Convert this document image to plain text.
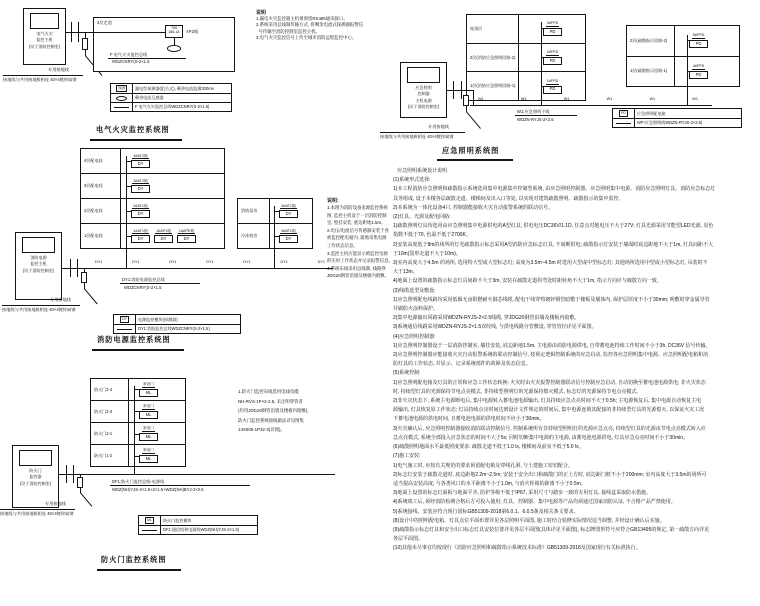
电气火灾
监控主机
(设于消防控制室)
专用接地线
接地线与共用接地极相连 40×4镀锌扁钢
3层走道
T06
186-1A	AP2箱
F 电气火灾监控总线
WDZCNRY(S-2×1.5
探测	漏电型探测器(组合式), 剩余电流监测300mA
剩余电流互感器
F 电气火灾监控总线WDZCNRY(S-2×1.5)
电气火灾监控系统图
说明
1.漏电火灾监控器主机须预留RS485通讯接口。
2.系统采用总线制传输方式, 将剩余电流式探测器报警信
号传输至消防控制室监控主机。
3.电气火灾监控信号上传至城市消防远程监控中心。
屋顶层
3#FPD
PD
2层(消防应急照明回路-2)
2#FPD
PD
1层(消防应急照明回路-1)
1#FPD
PD
2层(疏散指示回路-2)
5#FPD
PD
1层(疏散指示回路-1)
4#FPD
PD
应急照明
控制器
主机电源
(设于消防控制室)
W1	W1	W1	W1	W1	W1
专用接地线
接地线与共用接地极相连 40×4镀锌扁钢
W1:应急照明干线
WDZN-RYJS-2×2.5
PD	应急照明配电箱
WP:应急照明线WDZN-RYJS-2×2.5)
应急照明系统图
4层配电间
4#AT2箱
DY
3层配电间
3#AT2箱
DY
2层配电间
2#AT1箱
DY
1层配电间
1#AT1箱
DY
1#AP1箱
DY
1#APE箱
DY
消防泵房
5#AT1箱
DY
冷冻机房
6#AT1箱
DY
消防电源
监控主机
(设于消防控制室)
DY1	DY1	DY1	DY1	DY1	DY1	DY1
专用接地线
接地线与共用接地极相连 40×4镀锌扁钢
DY1:消防电源监控总线
WDZCNRY(S-2×1.5
DY	电源监控模块(探测器)
DY1:消防监控总线WDZCNRY(S-2×1.5)
消防电源监控系统图
说明:
1.本图为消防设备电源监控系统
图, 监控主机设于一层消防控制
室, 壁挂安装, 底边距地1.5m。
2.电压/电流信号传感器安装于各
被监控配电箱内, 就地采集电源
工作状态信息。
3.监控主机应能显示被监控电源
的实时工作状态并记录报警信息。
4.系统布线采用总线制, 线路穿
JDG20钢管沿墙及楼板内暗敷。
防火门2-4
常闭门
ML
防火门2-3
常闭门
ML
防火门2-1
常闭门
ML
防火门1-2
常闭门
ML
防火门
监控器
(设于消防控制室)
专用接地线
接地线与共用接地极相连 40×4镀锌扁钢
DF1:防火门监控总线-电源线
WDZ(NH)YJS-2×1.5+2×1.5+WDZ(NH)BYJ-2×2.5
ML	防火门监控模块
DF1:通信线和电源线WDZ(NH)YJS-2×1.5)
防火门监控系统图
1.防火门监控布线选用电线电缆
NH-RVS-1P×2-2.5, 未注明穿管者
(均用JDG20钢管沿墙及楼板内暗敷),
防火门监控系统接线做法详见图集
14X505-1P32-3(详图)。
应急照明系统设计说明
(1)系统形式选择:
1)本工程消防应急照明和疏散指示系统选用集中电源集中控制型系统, 由应急照明控制器、应急照明集中电源、消防应急照明灯具、消防应急标志灯
具等组成, 设于本楼各层疏散走道、楼梯间及出入口等处, 以实现对建筑疏散照明、疏散指示的集中监控。
2)本系统为一体化设备4只, 控制器能接收火灾自动报警系统的联动信号。
(2)灯具、光源及配电回路:
1)疏散照明灯具均选用由应急照明集中电源供电的A型灯具, 供电电压DC36V/1.1D, 任意点对地电压不大于27V; 灯具光源采用节能型LED光源, 显色
指数不低于70, 色温不低于2700K。
2)安装高度低于8m的场所的灯光疏散指示标志采用A型消防应急标志灯具, 不间断供电; 疏散指示灯安装于墙面时底边距地不大于1m, 灯具间距不大
于10m(袋形走道不大于10m)。
3)室内高度大于4.5m 的场所, 选用特大型或大型标志灯; 高度为3.5m~4.5m 时选用大型或中型标志灯; 其他场所选用中型或小型标志灯, 吊装时不
大于13m。
4)地面上设置的疏散指示标志灯具间距不大于3m, 安装在疏散走道拐弯处时距转角不大于1m, 指示方向应与疏散方向一致。
(3)线缆选型及敷设:
1)应急照明配电线路均采用低烟无卤阻燃耐火铜芯线缆, 配电干线穿热镀锌钢管暗敷于楼板及墙体内, 保护层厚度不小于30mm; 明敷时穿金属导管
并刷防火涂料保护。
2)集中电源输出回路采用WDZN-RYJS-2×2.5线缆, 穿JDG20钢管沿墙及楼板内暗敷。
3)系统通信线路采用WDZN-RYJS-2×1.5双绞线, 与供电线路分管敷设, 穿管管径详见平面图。
(4)应急照明控制器:
1)应急照明控制器设于一层消防控制室, 墙挂安装, 底边距地1.5m, 主电源由消防电源供电, 自带蓄电池持续工作时间不小于3h, DC36V 信号传输。
2)应急照明控制器应能接收火灾自动报警系统的联动控制信号, 按预定逻辑控制系统的应急启动, 监控各应急照明集中电源、应急照明配电箱和消
防灯具的工作状态, 并显示、记录系统部件的故障及状态信息。
(5)系统控制:
1)应急照明配电箱及灯具的正常和应急工作状态转换: 火灾时由火灾报警控制器联动信号控制应急启动, 自动切换至蓄电池电源供电; 非火灾状态
时, 持续型灯具的光源保持节电点亮模式, 非持续型照明灯的光源保持熄灭模式, 标志灯的光源保持节电点亮模式。
2)非火灾状态下, 系统主电源断电后, 集中电源转入蓄电池电源输出, 灯具持续应急点亮时间不大于0.5h; 主电源恢复后, 集中电源自动恢复主电
源输出, 灯具恢复原工作状态; 灯具持续点亮时间达到设计文件规定的时间后, 集中电源连锁其配接的非持续型灯具的光源熄灭, 以保证火灾工况
下蓄电池电源的供电时间, 且蓄电池电源的供电时间不应小于30min。
3)火灾确认后, 应急照明控制器接收消防联动控制信号, 控制系统所有非持续型照明灯的光源应急点亮, 持续型灯具的光源由节电点亮模式转入应
急点亮模式, 系统全部投入应急状态的时间不大于5s; 同时切断集中电源的主电源, 由蓄电池电源供电, 灯具应急点亮时间不小于30min。
(6)疏散照明地面水平最低照度要求: 疏散走道不低于1.0 lx, 楼梯间及前室不低于5.0 lx。
(7)施工安装:
1)电气施工时, 应按有关规范的要求预留配电箱及穿线孔洞, 与土建施工密切配合。
2)标志灯安装于疏散走道时, 底边距地2.2m~2.5m; 安装于安全出口和疏散门的正上方时, 底边距门框不小于200mm; 室内高度大于3.5m的场所可
适当提高安装高度; 与各类风口的水平距离不小于1.0m, 与消火栓箱的距离不小于0.5m。
3)地面上设置的标志灯面板与地面平齐, 防护等级不低于IP67, 采用尺寸与踏步一致的专用灯具, 接线盒采取防水措施。
4)系统竣工后, 须经消防检测合格后方可投入使用; 灯具、控制器、集中电源等产品均须通过国家消防认证, 不合格产品严禁使用。
5)系统接线、安装应符合现行国标GB51309-2018第6.0.1、6.0.5条及相关条文要求。
(8)设计中的照明配电箱、灯具点位平面布置详见各层照明平面图, 施工时结合装修实际情况适当调整, 并经设计确认后实施。
(9)疏散指示标志灯具和安全出口标志灯具安装位置详见各层平面图(具体详见平面图), 标志牌图形符号应符合GB13495的规定, 第一疏散方向详见
各层平面图。
(10)其他未尽事宜均按现行《消防应急照明和疏散指示系统技术标准》GB51309-2018及国家现行有关标准执行。
